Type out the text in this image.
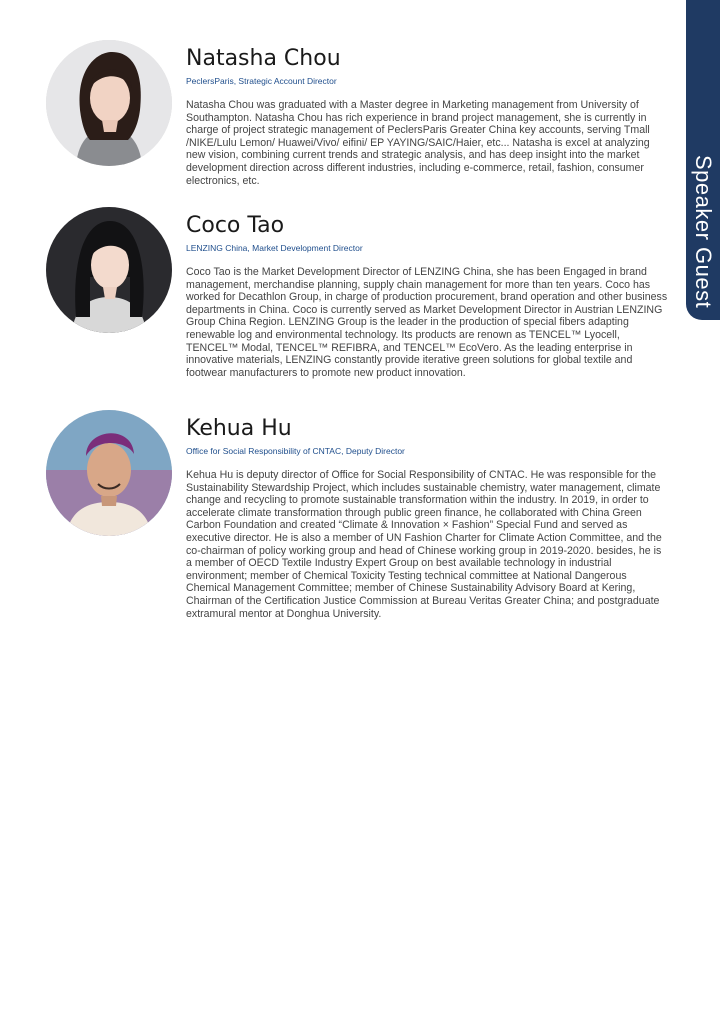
Speaker Guest
Natasha Chou
PeclersParis, Strategic Account Director
Natasha Chou was graduated with a Master degree in Marketing management from University of Southampton. Natasha Chou has rich experience in brand project management, she is currently in charge of project strategic management of PeclersParis Greater China key accounts, serving Tmall /NIKE/Lulu Lemon/ Huawei/Vivo/ eifini/ EP YAYING/SAIC/Haier, etc... Natasha is excel at analyzing new vision, combining current trends and strategic analysis, and has deep insight into the market development direction across different industries, including e-commerce, retail, fashion, consumer electronics, etc.
Coco Tao
LENZING China, Market Development Director
Coco Tao is the Market Development Director of LENZING China, she has been Engaged in brand management, merchandise planning, supply chain management for more than ten years. Coco has worked for Decathlon Group, in charge of production procurement, brand operation and other business departments in China. Coco is currently served as Market Development Director in Austrian LENZING Group China Region. LENZING Group is the leader in the production of special fibers adapting renewable log and environmental technology. Its products are renown as TENCEL™ Lyocell, TENCEL™ Modal, TENCEL™ REFIBRA, and TENCEL™ EcoVero. As the leading enterprise in innovative materials, LENZING constantly provide iterative green solutions for global textile and footwear manufacturers to promote new product innovation.
Kehua Hu
Office for Social Responsibility of CNTAC, Deputy Director
Kehua Hu is deputy director of Office for Social Responsibility of CNTAC. He was responsible for the Sustainability Stewardship Project, which includes sustainable chemistry, water management, climate change and recycling to promote sustainable transformation within the industry. In 2019, in order to accelerate climate transformation through public green finance, he collaborated with China Green Carbon Foundation and created “Climate & Innovation × Fashion” Special Fund and served as executive director. He is also a member of UN Fashion Charter for Climate Action Committee, and the co-chairman of policy working group and head of Chinese working group in 2019-2020. besides, he is a member of OECD Textile Industry Expert Group on best available technology in industrial environment; member of Chemical Toxicity Testing technical committee at National Dangerous Chemical Management Committee; member of Chinese Sustainability Advisory Board at Kering, Chairman of the Certification Justice Commission at Bureau Veritas Greater China; and postgraduate extramural mentor at Donghua University.
